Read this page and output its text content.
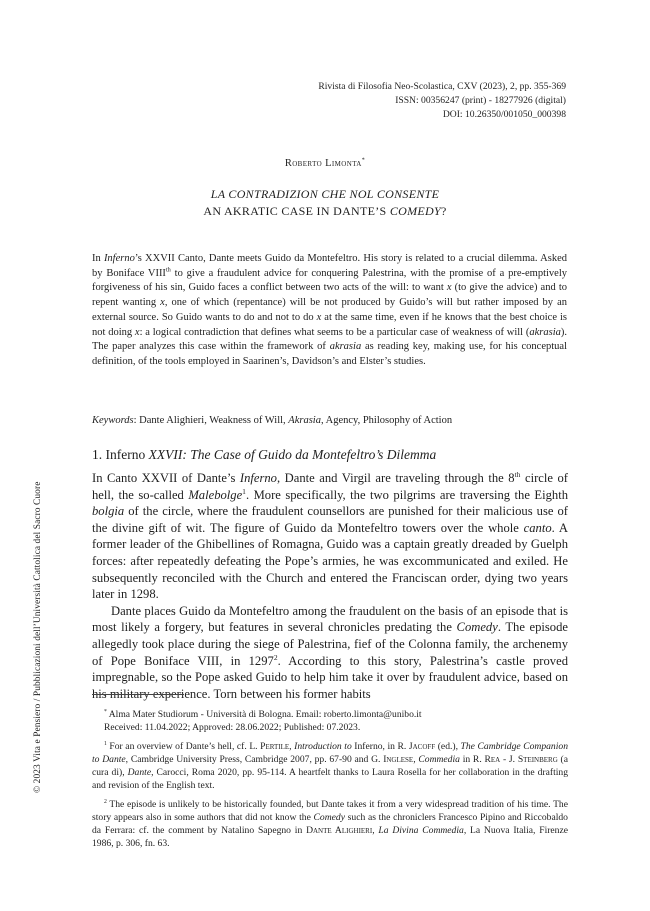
Rivista di Filosofia Neo-Scolastica, CXV (2023), 2, pp. 355-369
ISSN: 00356247 (print) - 18277926 (digital)
DOI: 10.26350/001050_000398
Roberto Limonta*
LA CONTRADIZION CHE NOL CONSENTE
AN AKRATIC CASE IN DANTE’S COMEDY?

In Inferno’s XXVII Canto, Dante meets Guido da Montefeltro. His story is related to a crucial dilemma. Asked by Boniface VIIIth to give a fraudulent advice for conquering Palestrina, with the promise of a pre-emptively forgiveness of his sin, Guido faces a conflict between two acts of the will: to want x (to give the advice) and to repent wanting x, one of which (repentance) will be not produced by Guido’s will but rather imposed by an external source. So Guido wants to do and not to do x at the same time, even if he knows that the best choice is not doing x: a logical contradiction that defines what seems to be a particular case of weakness of will (akrasia). The paper analyzes this case within the framework of akrasia as reading key, making use, for his conceptual definition, of the tools employed in Saarinen’s, Davidson’s and Elster’s studies.

Keywords: Dante Alighieri, Weakness of Will, Akrasia, Agency, Philosophy of Action
1. Inferno XXVII: The Case of Guido da Montefeltro’s Dilemma

In Canto XXVII of Dante’s Inferno, Dante and Virgil are traveling through the 8th circle of hell, the so-called Malebolge$^1$. More specifically, the two pilgrims are traversing the Eighth bolgia of the circle, where the fraudulent counsellors are punished for their malicious use of the divine gift of wit. The figure of Guido da Montefeltro towers over the whole canto. A former leader of the Ghibellines of Romagna, Guido was a captain greatly dreaded by Guelph forces: after repeatedly defeating the Pope’s armies, he was excommunicated and exiled. He subsequently reconciled with the Church and entered the Franciscan order, dying two years later in 1298.

Dante places Guido da Montefeltro among the fraudulent on the basis of an episode that is most likely a forgery, but features in several chronicles predating the Comedy. The episode allegedly took place during the siege of Palestrina, fief of the Colonna family, the archenemy of Pope Boniface VIII, in 1297$^2$. According to this story, Palestrina’s castle proved impregnable, so the Pope asked Guido to help him take it over by fraudulent advice, based on his military experience. Torn between his former habits

* Alma Mater Studiorum - Università di Bologna. Email: roberto.limonta@unibo.it

Received: 11.04.2022; Approved: 28.06.2022; Published: 07.2023.

$^1$ For an overview of Dante’s hell, cf. L. Pertile, Introduction to Inferno, in R. Jacoff (ed.), The Cambridge Companion to Dante, Cambridge University Press, Cambridge 2007, pp. 67-90 and G. Inglese, Commedia in R. Rea - J. Steinberg (a cura di), Dante, Carocci, Roma 2020, pp. 95-114. A heartfelt thanks to Laura Rosella for her collaboration in the drafting and revision of the English text.

$^2$ The episode is unlikely to be historically founded, but Dante takes it from a very widespread tradition of his time. The story appears also in some authors that did not know the Comedy such as the chroniclers Francesco Pipino and Riccobaldo da Ferrara: cf. the comment by Natalino Sapegno in Dante Alighieri, La Divina Commedia, La Nuova Italia, Firenze 1986, p. 306, fn. 63.

© 2023 Vita e Pensiero / Pubblicazioni dell’Università Cattolica del Sacro Cuore
